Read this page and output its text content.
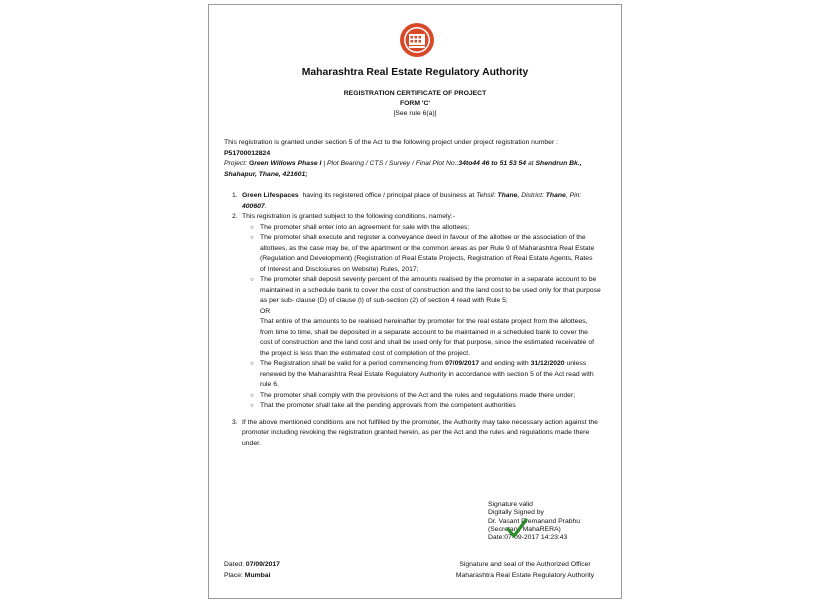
Maharashtra Real Estate Regulatory Authority
REGISTRATION CERTIFICATE OF PROJECT
FORM 'C'
[See rule 6(a)]
This registration is granted under section 5 of the Act to the following project under project registration number :
P51700012824
Project: Green Willows Phase I | Plot Bearing / CTS / Survey / Final Plot No.:34to44 46 to 51 53 54 at Shendrun Bk.,
Shahapur, Thane, 421601;
1. Green Lifespaces  having its registered office / principal place of business at Tehsil: Thane, District: Thane, Pin:
400607.
2. This registration is granted subject to the following conditions, namely:-
○ The promoter shall enter into an agreement for sale with the allottees;
○ The promoter shall execute and register a conveyance deed in favour of the allottee or the association of the
allottees, as the case may be, of the apartment or the common areas as per Rule 9 of Maharashtra Real Estate
(Regulation and Development) (Registration of Real Estate Projects, Registration of Real Estate Agents, Rates
of Interest and Disclosures on Website) Rules, 2017;
○ The promoter shall deposit seventy percent of the amounts realised by the promoter in a separate account to be
maintained in a schedule bank to cover the cost of construction and the land cost to be used only for that purpose
as per sub- clause (D) of clause (l) of sub-section (2) of section 4 read with Rule 5;
OR
That entire of the amounts to be realised hereinafter by promoter for the real estate project from the allottees,
from time to time, shall be deposited in a separate account to be maintained in a scheduled bank to cover the
cost of construction and the land cost and shall be used only for that purpose, since the estimated receivable of
the project is less than the estimated cost of completion of the project.
○ The Registration shall be valid for a period commencing from 07/09/2017 and ending with 31/12/2020 unless
renewed by the Maharashtra Real Estate Regulatory Authority in accordance with section 5 of the Act read with
rule 6.
○ The promoter shall comply with the provisions of the Act and the rules and regulations made there under;
○ That the promoter shall take all the pending approvals from the competent authorities
3. If the above mentioned conditions are not fulfilled by the promoter, the Authority may take necessary action against the
promoter including revoking the registration granted herein, as per the Act and the rules and regulations made there
under.
Signature valid
Digitally Signed by
Dr. Vasant Premanand Prabhu
(Secretary, MahaRERA)
Date:07-09-2017 14:23:43
Dated: 07/09/2017
Place: Mumbai
Signature and seal of the Authorized Officer
Maharashtra Real Estate Regulatory Authority
